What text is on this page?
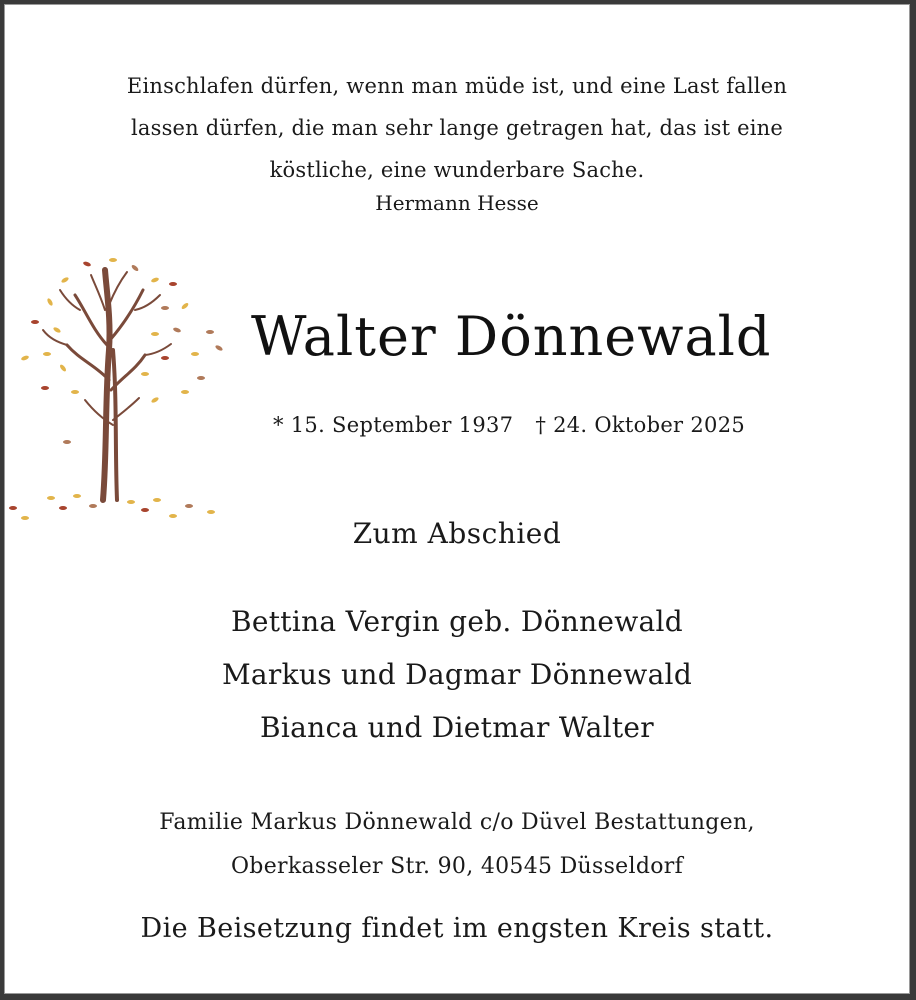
Einschlafen dürfen, wenn man müde ist, und eine Last fallen
lassen dürfen, die man sehr lange getragen hat, das ist eine
köstliche, eine wunderbare Sache.
Hermann Hesse
Walter Dönnewald
* 15. September 1937 † 24. Oktober 2025
Zum Abschied
Bettina Vergin geb. Dönnewald
Markus und Dagmar Dönnewald
Bianca und Dietmar Walter
Familie Markus Dönnewald c/o Düvel Bestattungen,
Oberkasseler Str. 90, 40545 Düsseldorf
Die Beisetzung findet im engsten Kreis statt.
